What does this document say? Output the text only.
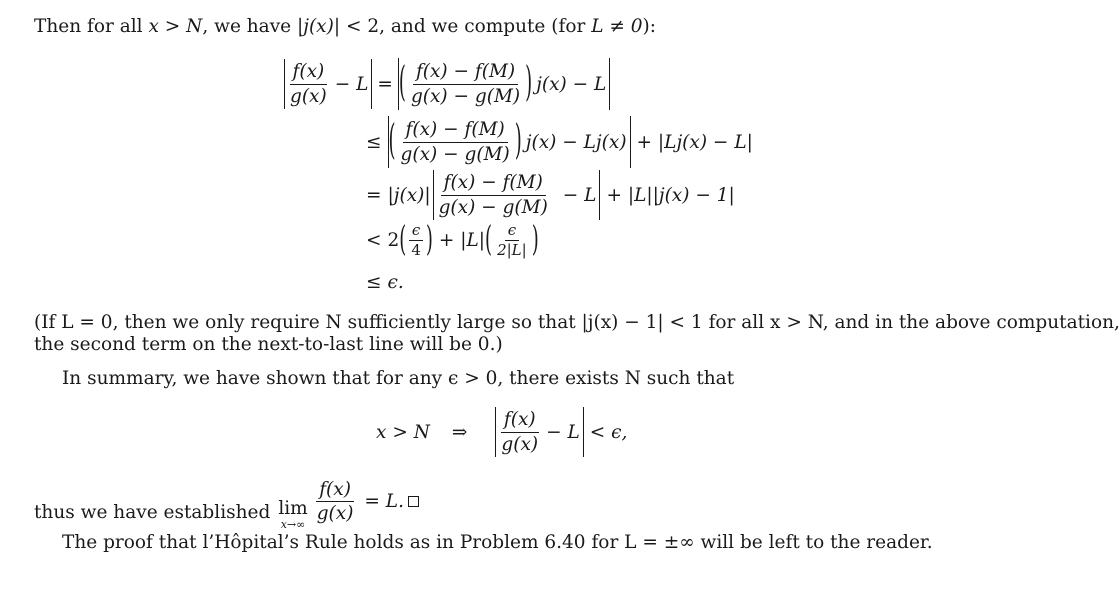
Then for all x > N, we have |j(x)| < 2, and we compute (for L ≠ 0):
$\frac{f(x)}{g(x)} - L$ = ( $\frac{f(x) - f(M)}{g(x) - g(M)}$ ) j(x) − L
≤ ( $\frac{f(x) - f(M)}{g(x) - g(M)}$ ) j(x) − Lj(x) + |Lj(x) − L|
= $|j(x)| \frac{f(x) - f(M)}{g(x) - g(M)} - L + |L||j(x) - 1|$
< 2 ( $\frac{\epsilon}{4}$ ) + |L| ( $\frac{\epsilon}{2|L|}$ )
≤ ϵ.
(If L = 0, then we only require N sufficiently large so that |j(x) − 1| < 1 for all x > N, and in the above computation,
the second term on the next-to-last line will be 0.)
In summary, we have shown that for any ϵ > 0, there exists N such that
x > N ⇒ $\frac{f(x)}{g(x)} - L < \epsilon$,
thus we have established lim
x→∞
$\frac{f(x)}{g(x)} = L$.
The proof that l’Hôpital’s Rule holds as in Problem 6.40 for L = ±∞ will be left to the reader.
